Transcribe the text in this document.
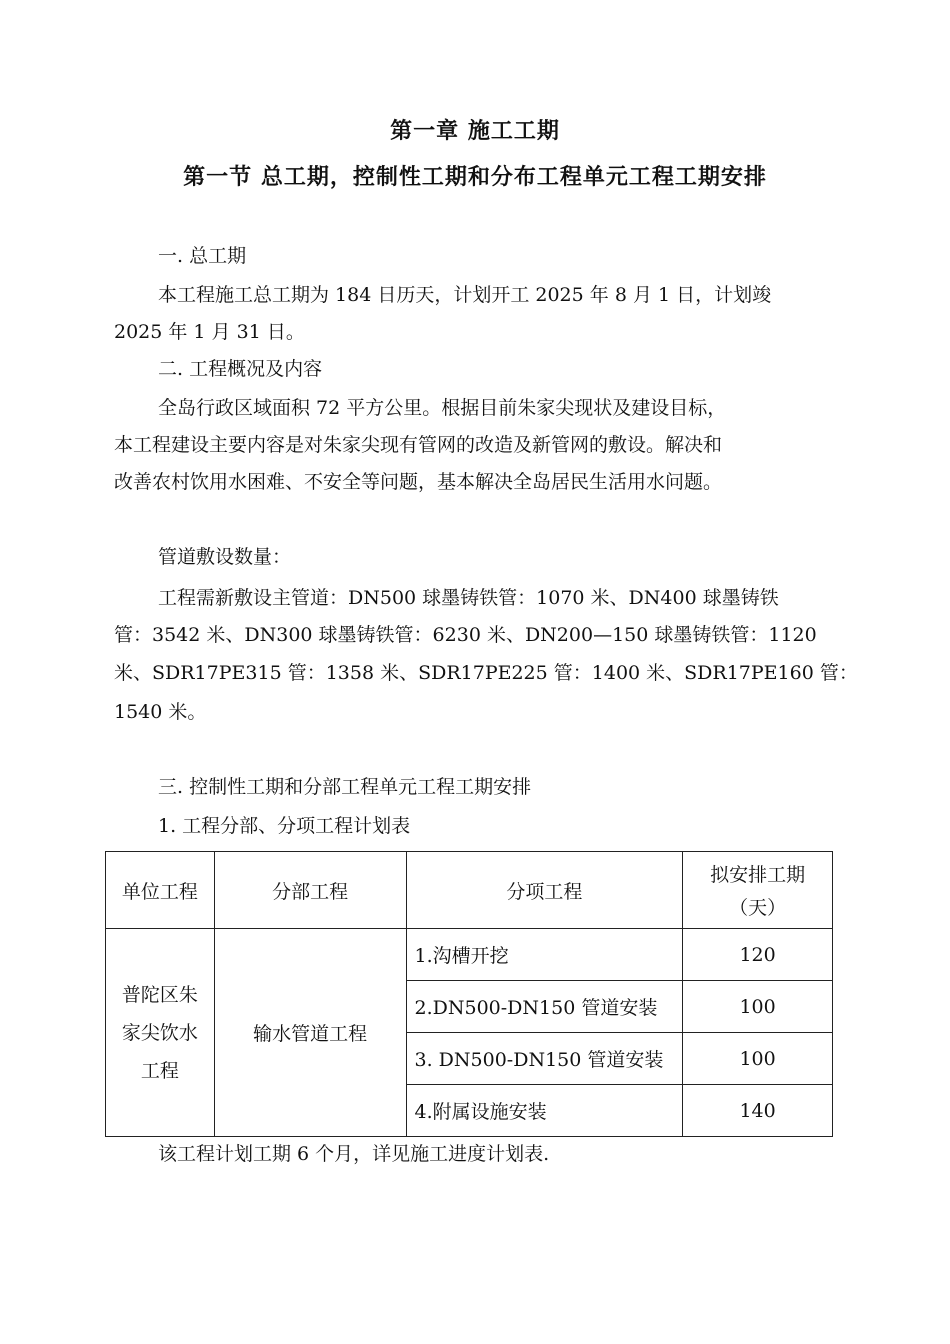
第一章 施工工期
第一节 总工期，控制性工期和分布工程单元工程工期安排
一. 总工期
本工程施工总工期为 184 日历天，计划开工 2025 年 8 月 1 日，计划竣
2025 年 1 月 31 日。
二. 工程概况及内容
全岛行政区域面积 72 平方公里。根据目前朱家尖现状及建设目标，
本工程建设主要内容是对朱家尖现有管网的改造及新管网的敷设。解决和
改善农村饮用水困难、不安全等问题，基本解决全岛居民生活用水问题。
管道敷设数量：
工程需新敷设主管道：DN500 球墨铸铁管：1070 米、DN400 球墨铸铁
管：3542 米、DN300 球墨铸铁管：6230 米、DN200—150 球墨铸铁管：1120
米、SDR17PE315 管：1358 米、SDR17PE225 管：1400 米、SDR17PE160 管：
1540 米。
三. 控制性工期和分部工程单元工程工期安排
1. 工程分部、分项工程计划表
单位工程	分部工程	分项工程	拟安排工期
（天）

普陀区朱
家尖饮水
工程	输水管道工程	1.沟槽开挖	120
		2.DN500-DN150 管道安装	100
		3. DN500-DN150 管道安装	100
		4.附属设施安装	140
该工程计划工期 6 个月，详见施工进度计划表.
